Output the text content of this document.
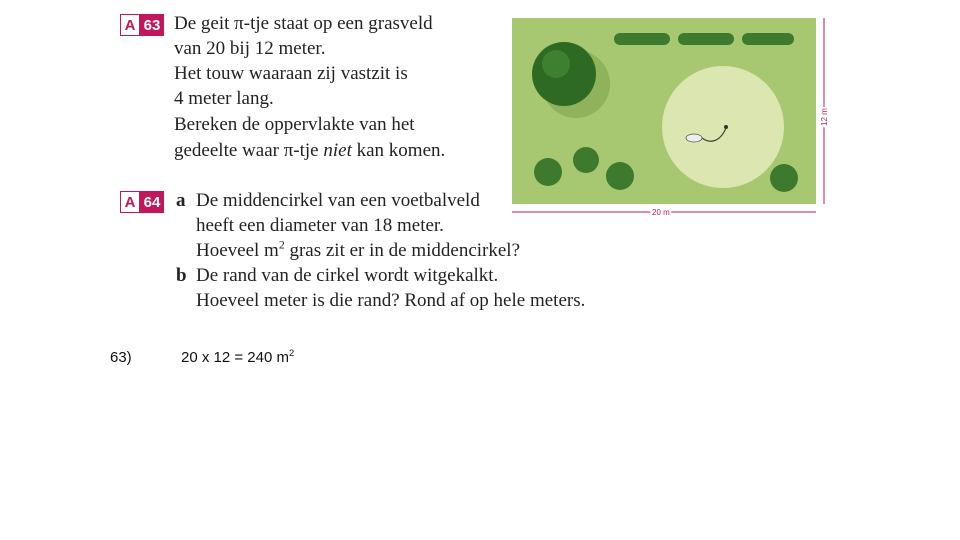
A 63 De geit π-tje staat op een grasveld
van 20 bij 12 meter.
Het touw waaraan zij vastzit is
4 meter lang.
Bereken de oppervlakte van het
gedeelte waar π-tje niet kan komen.
A 64 a De middencirkel van een voetbalveld
heeft een diameter van 18 meter.
Hoeveel $m^2$ gras zit er in de middencirkel?
b De rand van de cirkel wordt witgekalkt.
Hoeveel meter is die rand? Rond af op hele meters.
20 m
12 m
63)	20 x 12 = 240 $m^2$
